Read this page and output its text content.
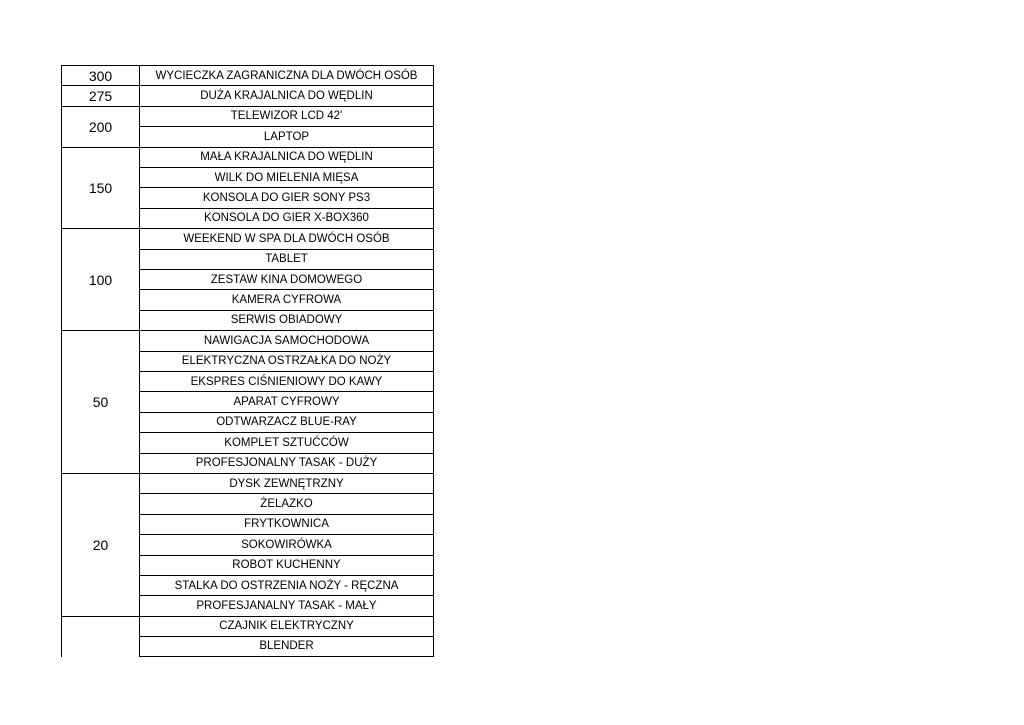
300	WYCIECZKA ZAGRANICZNA DLA DWÓCH OSÓB
275	DUŻA KRAJALNICA DO WĘDLIN
200
TELEWIZOR LCD 42'
LAPTOP
150
MAŁA KRAJALNICA DO WĘDLIN
WILK DO MIELENIA MIĘSA
KONSOLA DO GIER SONY PS3
KONSOLA DO GIER X-BOX360
100
WEEKEND W SPA DLA DWÓCH OSÓB
TABLET
ZESTAW KINA DOMOWEGO
KAMERA CYFROWA
SERWIS OBIADOWY
50
NAWIGACJA SAMOCHODOWA
ELEKTRYCZNA OSTRZAŁKA DO NOŻY
EKSPRES CIŚNIENIOWY DO KAWY
APARAT CYFROWY
ODTWARZACZ BLUE-RAY
KOMPLET SZTUĆCÓW
PROFESJONALNY TASAK - DUŻY
20
DYSK ZEWNĘTRZNY
ŻELAZKO
FRYTKOWNICA
SOKOWIRÓWKA
ROBOT KUCHENNY
STALKA DO OSTRZENIA NOŻY - RĘCZNA
PROFESJANALNY TASAK - MAŁY
CZAJNIK ELEKTRYCZNY
BLENDER
